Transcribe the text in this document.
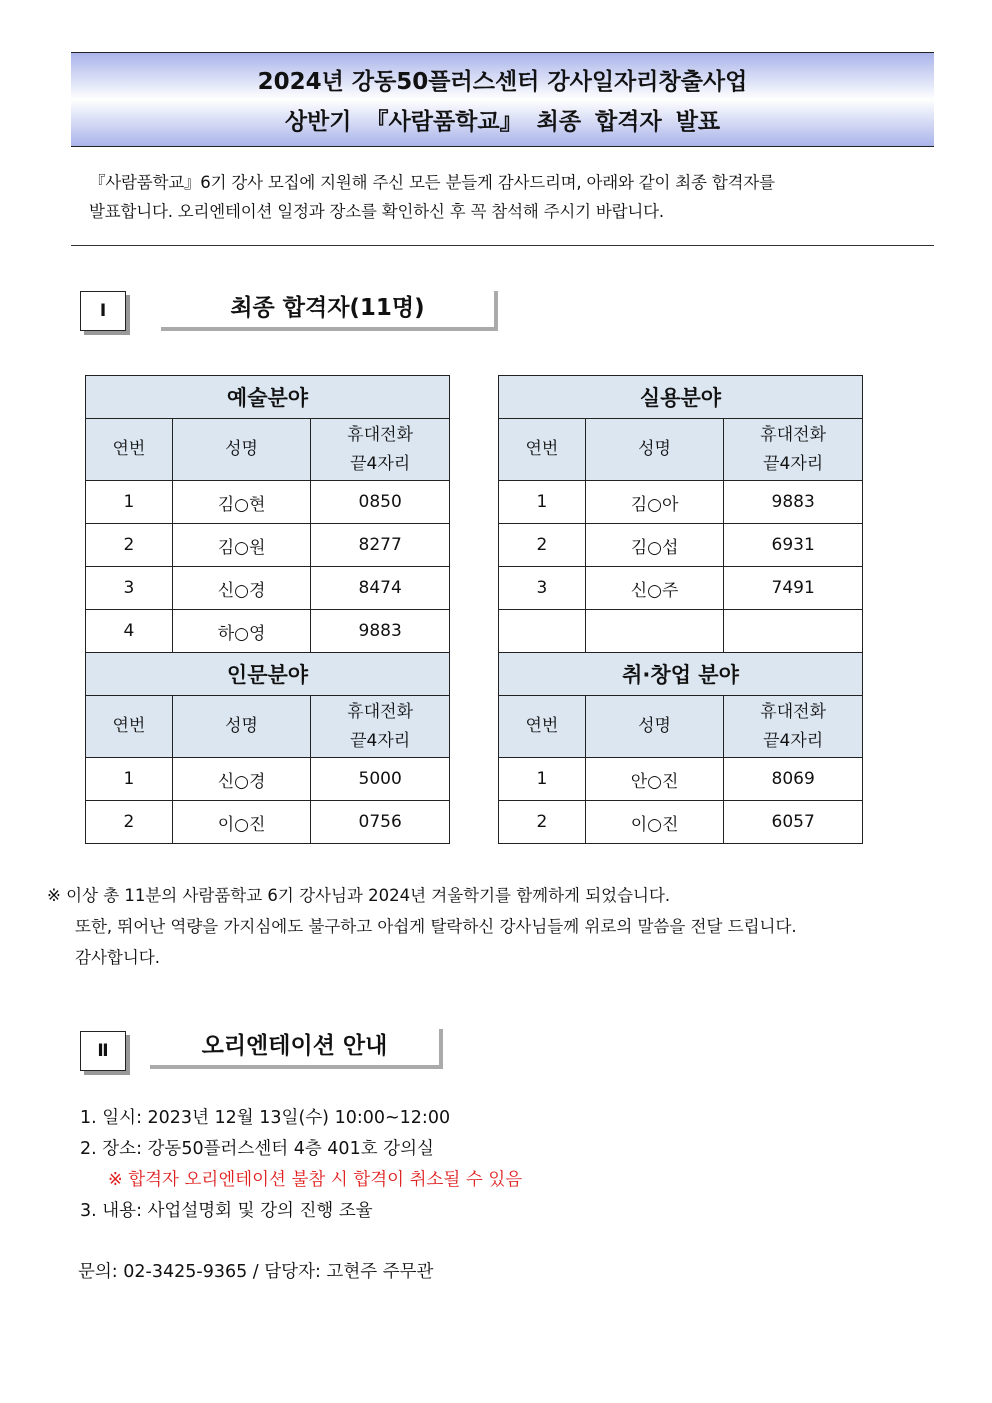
2024년 강동50플러스센터 강사일자리창출사업
상반기 『사람품학교』 최종 합격자 발표
『사람품학교』6기 강사 모집에 지원해 주신 모든 분들게 감사드리며, 아래와 같이 최종 합격자를
발표합니다. 오리엔테이션 일정과 장소를 확인하신 후 꼭 참석해 주시기 바랍니다.
Ⅰ	최종 합격자(11명)
예술분야		
연번	성명	휴대전화
끝4자리
1	김○현	0850
2	김○원	8277
3	신○경	8474
4	하○영	9883
인문분야		
연번	성명	휴대전화
끝4자리
1	신○경	5000
2	이○진	0756
실용분야		
연번	성명	휴대전화
끝4자리
1	김○아	9883
2	김○섭	6931
3	신○주	7491

취·창업 분야		
연번	성명	휴대전화
끝4자리
1	안○진	8069
2	이○진	6057
※ 이상 총 11분의 사람품학교 6기 강사님과 2024년 겨울학기를 함께하게 되었습니다.
또한, 뛰어난 역량을 가지심에도 불구하고 아쉽게 탈락하신 강사님들께 위로의 말씀을 전달 드립니다.
감사합니다.
Ⅱ	오리엔테이션 안내
1. 일시: 2023년 12월 13일(수) 10:00~12:00
2. 장소: 강동50플러스센터 4층 401호 강의실
※ 합격자 오리엔테이션 불참 시 합격이 취소될 수 있음
3. 내용: 사업설명회 및 강의 진행 조율
문의: 02-3425-9365 / 담당자: 고현주 주무관
